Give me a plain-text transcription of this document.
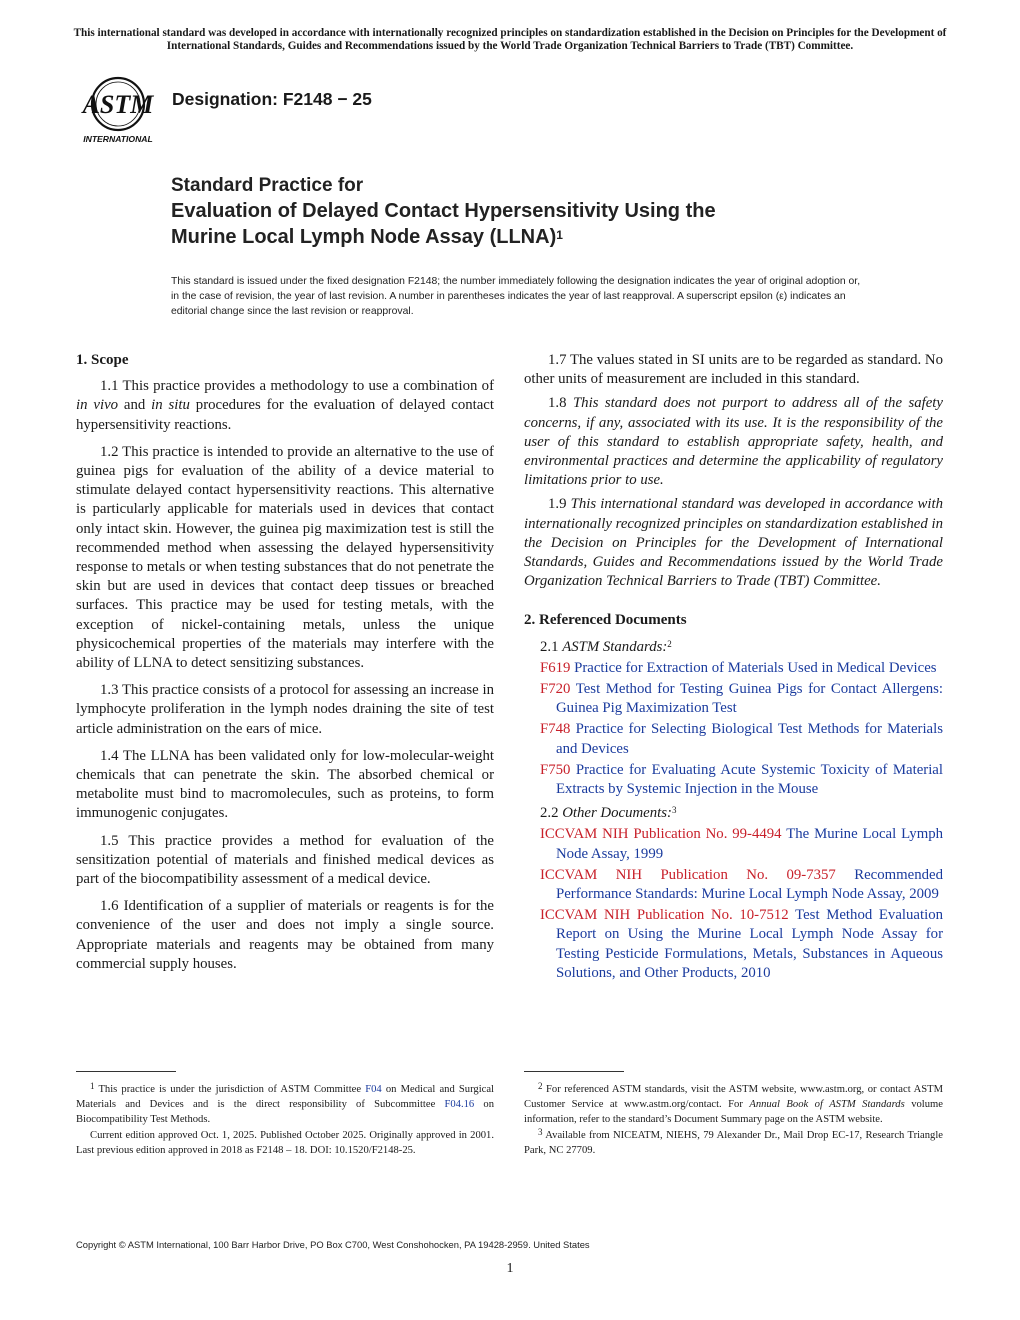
This international standard was developed in accordance with internationally recognized principles on standardization established in the Decision on Principles for the Development of International Standards, Guides and Recommendations issued by the World Trade Organization Technical Barriers to Trade (TBT) Committee.
ASTM
INTERNATIONAL
Designation: F2148 − 25
Standard Practice for
Evaluation of Delayed Contact Hypersensitivity Using the
Murine Local Lymph Node Assay (LLNA)$^1$
This standard is issued under the fixed designation F2148; the number immediately following the designation indicates the year of original adoption or, in the case of revision, the year of last revision. A number in parentheses indicates the year of last reapproval. A superscript epsilon (ε) indicates an editorial change since the last revision or reapproval.
1. Scope

1.1 This practice provides a methodology to use a combination of in vivo and in situ procedures for the evaluation of delayed contact hypersensitivity reactions.

1.2 This practice is intended to provide an alternative to the use of guinea pigs for evaluation of the ability of a device material to stimulate delayed contact hypersensitivity reactions. This alternative is particularly applicable for materials used in devices that contact only intact skin. However, the guinea pig maximization test is still the recommended method when assessing the delayed hypersensitivity response to metals or when testing substances that do not penetrate the skin but are used in devices that contact deep tissues or breached surfaces. This practice may be used for testing metals, with the exception of nickel-containing metals, unless the unique physicochemical properties of the materials may interfere with the ability of LLNA to detect sensitizing substances.

1.3 This practice consists of a protocol for assessing an increase in lymphocyte proliferation in the lymph nodes draining the site of test article administration on the ears of mice.

1.4 The LLNA has been validated only for low-molecular-weight chemicals that can penetrate the skin. The absorbed chemical or metabolite must bind to macromolecules, such as proteins, to form immunogenic conjugates.

1.5 This practice provides a method for evaluation of the sensitization potential of materials and finished medical devices as part of the biocompatibility assessment of a medical device.

1.6 Identification of a supplier of materials or reagents is for the convenience of the user and does not imply a single source. Appropriate materials and reagents may be obtained from many commercial supply houses.

1.7 The values stated in SI units are to be regarded as standard. No other units of measurement are included in this standard.

1.8 This standard does not purport to address all of the safety concerns, if any, associated with its use. It is the responsibility of the user of this standard to establish appropriate safety, health, and environmental practices and determine the applicability of regulatory limitations prior to use.

1.9 This international standard was developed in accordance with internationally recognized principles on standardization established in the Decision on Principles for the Development of International Standards, Guides and Recommendations issued by the World Trade Organization Technical Barriers to Trade (TBT) Committee.

2. Referenced Documents
2.1 ASTM Standards:$^2$
F619 Practice for Extraction of Materials Used in Medical Devices
F720 Test Method for Testing Guinea Pigs for Contact Allergens: Guinea Pig Maximization Test
F748 Practice for Selecting Biological Test Methods for Materials and Devices
F750 Practice for Evaluating Acute Systemic Toxicity of Material Extracts by Systemic Injection in the Mouse
2.2 Other Documents:$^3$
ICCVAM NIH Publication No. 99-4494 The Murine Local Lymph Node Assay, 1999
ICCVAM NIH Publication No. 09-7357 Recommended Performance Standards: Murine Local Lymph Node Assay, 2009
ICCVAM NIH Publication No. 10-7512 Test Method Evaluation Report on Using the Murine Local Lymph Node Assay for Testing Pesticide Formulations, Metals, Substances in Aqueous Solutions, and Other Products, 2010

$^1$ This practice is under the jurisdiction of ASTM Committee F04 on Medical and Surgical Materials and Devices and is the direct responsibility of Subcommittee F04.16 on Biocompatibility Test Methods.

Current edition approved Oct. 1, 2025. Published October 2025. Originally approved in 2001. Last previous edition approved in 2018 as F2148 – 18. DOI: 10.1520/F2148-25.

$^2$ For referenced ASTM standards, visit the ASTM website, www.astm.org, or contact ASTM Customer Service at www.astm.org/contact. For Annual Book of ASTM Standards volume information, refer to the standard’s Document Summary page on the ASTM website.

$^3$ Available from NICEATM, NIEHS, 79 Alexander Dr., Mail Drop EC-17, Research Triangle Park, NC 27709.

Copyright © ASTM International, 100 Barr Harbor Drive, PO Box C700, West Conshohocken, PA 19428-2959. United States
1
